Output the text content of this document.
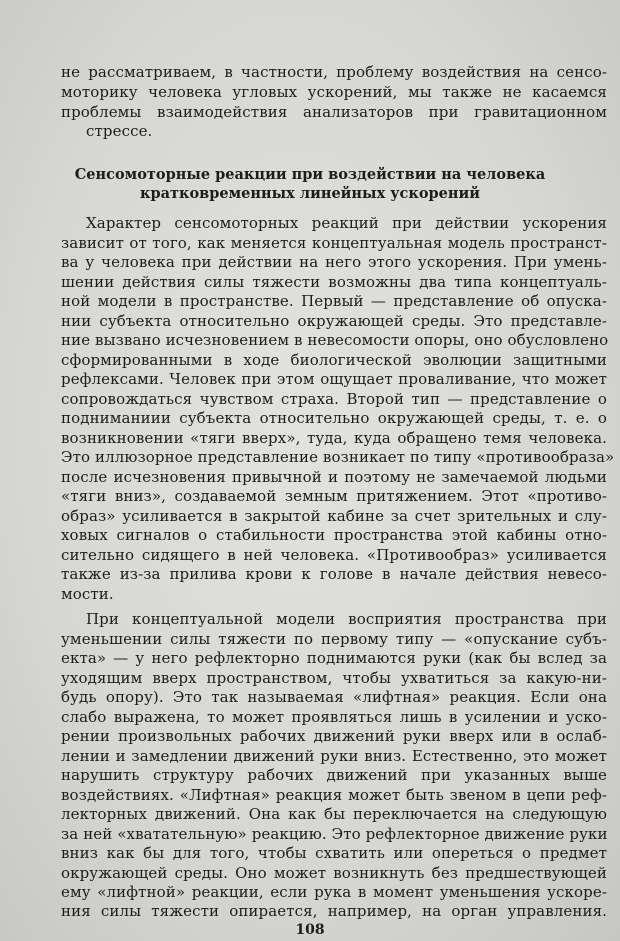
не рассматриваем, в частности, проблему воздействия на сенсо-
моторику человека угловых ускорений, мы также не касаемся
проблемы взаимодействия анализаторов при гравитационном
стрессе.
Сенсомоторные реакции при воздействии на человека
кратковременных линейных ускорений
Характер сенсомоторных реакций при действии ускорения
зависит от того, как меняется концептуальная модель пространст-
ва у человека при действии на него этого ускорения. При умень-
шении действия силы тяжести возможны два типа концептуаль-
ной модели в пространстве. Первый — представление об опуска-
нии субъекта относительно окружающей среды. Это представле-
ние вызвано исчезновением в невесомости опоры, оно обусловлено
сформированными в ходе биологической эволюции защитными
рефлексами. Человек при этом ощущает проваливание, что может
сопровождаться чувством страха. Второй тип — представление о
подниманиии субъекта относительно окружающей среды, т. е. о
возникновении «тяги вверх», туда, куда обращено темя человека.
Это иллюзорное представление возникает по типу «противообраза»
после исчезновения привычной и поэтому не замечаемой людьми
«тяги вниз», создаваемой земным притяжением. Этот «противо-
образ» усиливается в закрытой кабине за счет зрительных и слу-
ховых сигналов о стабильности пространства этой кабины отно-
сительно сидящего в ней человека. «Противообраз» усиливается
также из-за прилива крови к голове в начале действия невесо-
мости.
При концептуальной модели восприятия пространства при
уменьшении силы тяжести по первому типу — «опускание субъ-
екта» — у него рефлекторно поднимаются руки (как бы вслед за
уходящим вверх пространством, чтобы ухватиться за какую-ни-
будь опору). Это так называемая «лифтная» реакция. Если она
слабо выражена, то может проявляться лишь в усилении и уско-
рении произвольных рабочих движений руки вверх или в ослаб-
лении и замедлении движений руки вниз. Естественно, это может
нарушить структуру рабочих движений при указанных выше
воздействиях. «Лифтная» реакция может быть звеном в цепи реф-
лекторных движений. Она как бы переключается на следующую
за ней «хватательную» реакцию. Это рефлекторное движение руки
вниз как бы для того, чтобы схватить или опереться о предмет
окружающей среды. Оно может возникнуть без предшествующей
ему «лифтной» реакции, если рука в момент уменьшения ускоре-
ния силы тяжести опирается, например, на орган управления.
108
